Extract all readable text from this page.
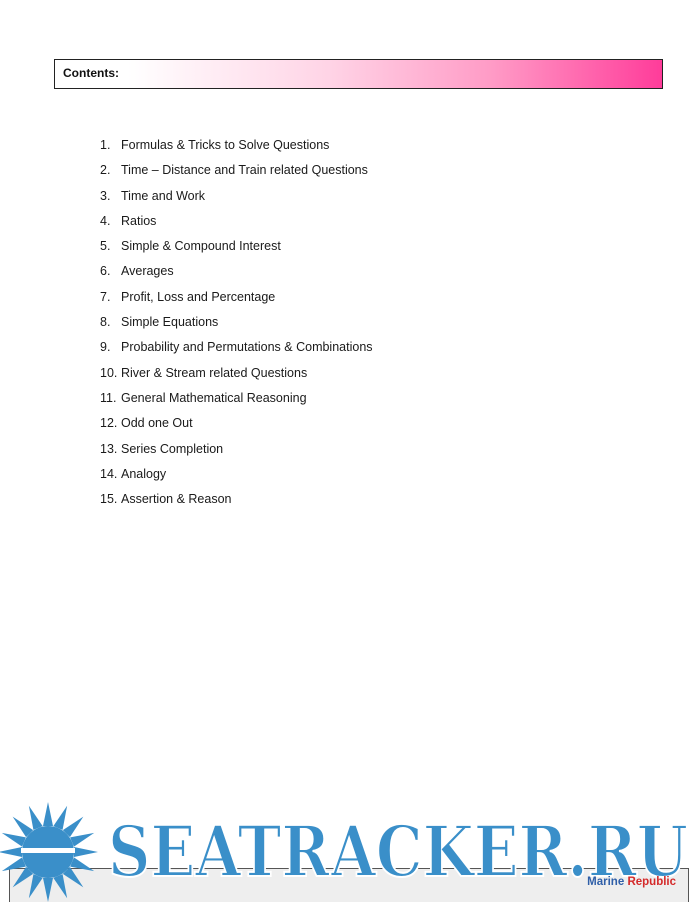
Contents:
1. Formulas & Tricks to Solve Questions
2. Time – Distance and Train related Questions
3. Time and Work
4. Ratios
5. Simple & Compound Interest
6. Averages
7. Profit, Loss and Percentage
8. Simple Equations
9. Probability and Permutations & Combinations
10. River & Stream related Questions
11. General Mathematical Reasoning
12. Odd one Out
13. Series Completion
14. Analogy
15. Assertion & Reason
SEATRACKER.RU
Marine Republic
